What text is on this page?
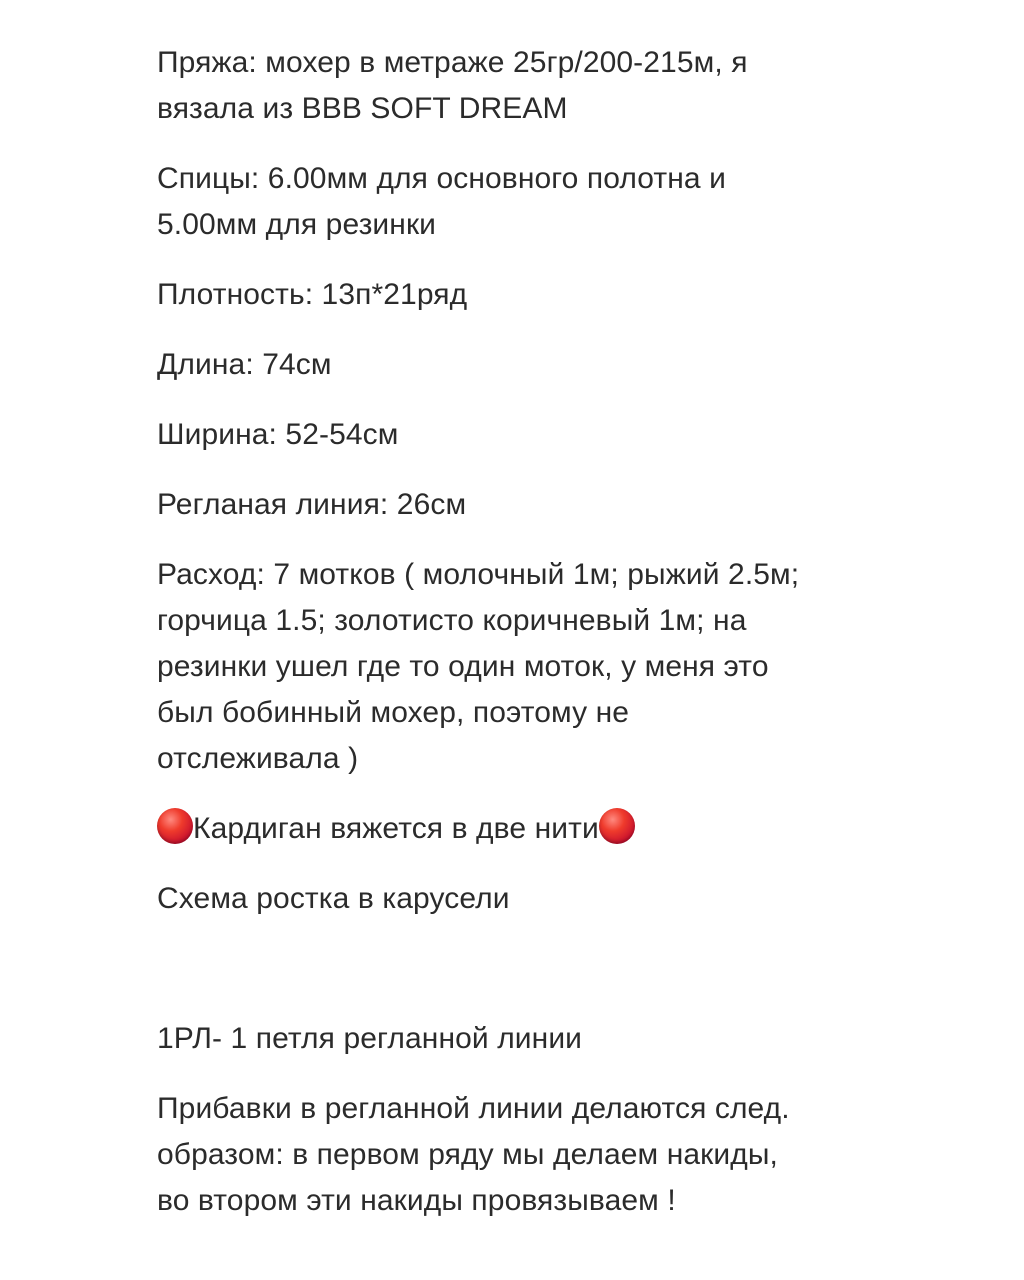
Пряжа: мохер в метраже 25гр/200-215м, я
вязала из BBB SOFT DREAM
Спицы: 6.00мм для основного полотна и
5.00мм для резинки
Плотность: 13п*21ряд
Длина: 74см
Ширина: 52-54см
Регланая линия: 26см
Расход: 7 мотков ( молочный 1м; рыжий 2.5м;
горчица 1.5; золотисто коричневый 1м; на
резинки ушел где то один моток, у меня это
был бобинный мохер, поэтому не
отслеживала )
Кардиган вяжется в две нити
Схема ростка в карусели
1РЛ- 1 петля регланной линии
Прибавки в регланной линии делаются след.
образом: в первом ряду мы делаем накиды,
во втором эти накиды провязываем !
